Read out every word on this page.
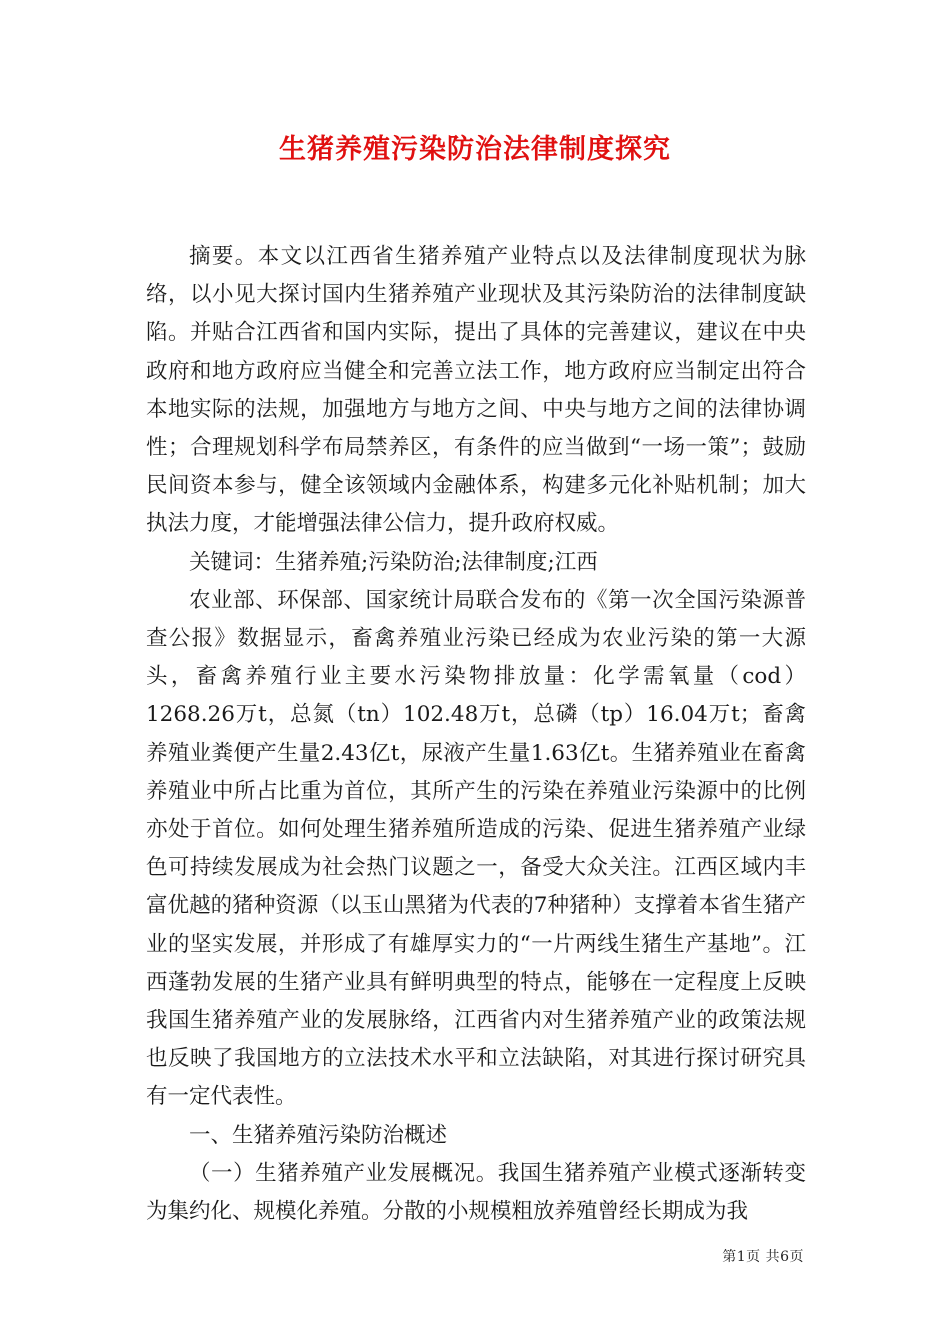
生猪养殖污染防治法律制度探究

摘要。本文以江西省生猪养殖产业特点以及法律制度现状为脉络，以小见大探讨国内生猪养殖产业现状及其污染防治的法律制度缺陷。并贴合江西省和国内实际，提出了具体的完善建议，建议在中央政府和地方政府应当健全和完善立法工作，地方政府应当制定出符合本地实际的法规，加强地方与地方之间、中央与地方之间的法律协调性；合理规划科学布局禁养区，有条件的应当做到“一场一策”；鼓励民间资本参与，健全该领域内金融体系，构建多元化补贴机制；加大执法力度，才能增强法律公信力，提升政府权威。

关键词：生猪养殖;污染防治;法律制度;江西

农业部、环保部、国家统计局联合发布的《第一次全国污染源普查公报》数据显示，畜禽养殖业污染已经成为农业污染的第一大源头，畜禽养殖行业主要水污染物排放量：化学需氧量（cod）1268.26万t，总氮（tn）102.48万t，总磷（tp）16.04万t；畜禽养殖业粪便产生量2.43亿t，尿液产生量1.63亿t。生猪养殖业在畜禽养殖业中所占比重为首位，其所产生的污染在养殖业污染源中的比例亦处于首位。如何处理生猪养殖所造成的污染、促进生猪养殖产业绿色可持续发展成为社会热门议题之一，备受大众关注。江西区域内丰富优越的猪种资源（以玉山黑猪为代表的7种猪种）支撑着本省生猪产业的坚实发展，并形成了有雄厚实力的“一片两线生猪生产基地”。江西蓬勃发展的生猪产业具有鲜明典型的特点，能够在一定程度上反映我国生猪养殖产业的发展脉络，江西省内对生猪养殖产业的政策法规也反映了我国地方的立法技术水平和立法缺陷，对其进行探讨研究具有一定代表性。

一、生猪养殖污染防治概述

（一）生猪养殖产业发展概况。我国生猪养殖产业模式逐渐转变为集约化、规模化养殖。分散的小规模粗放养殖曾经长期成为我

第1页 共6页
